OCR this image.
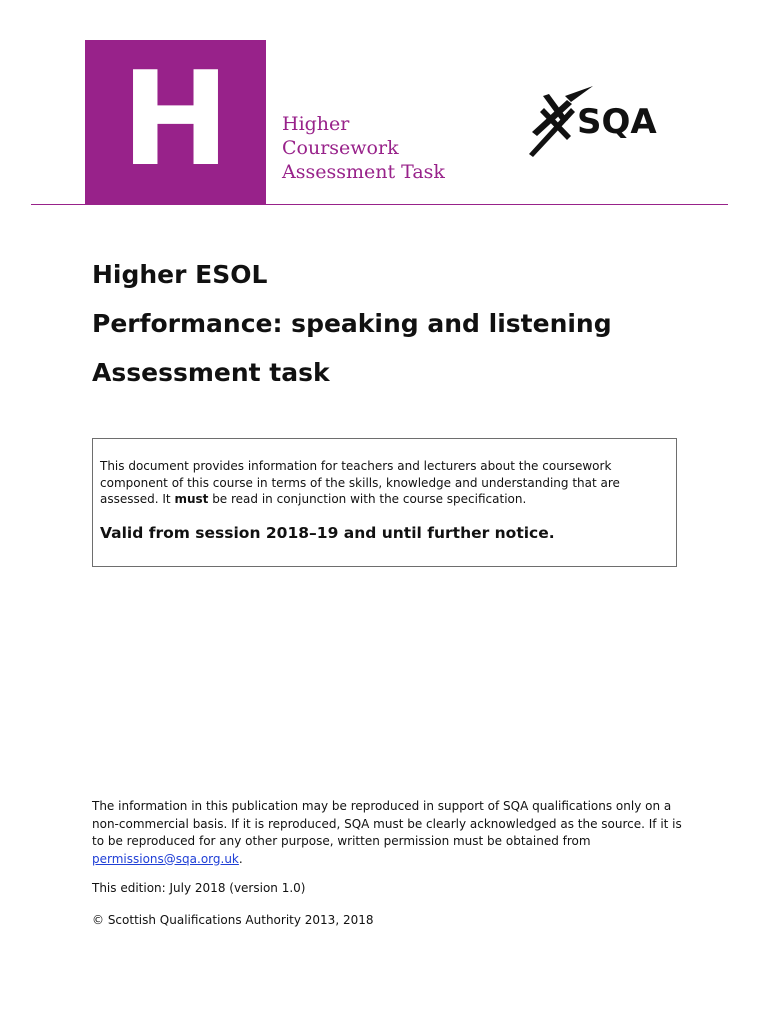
H	Higher
Coursework
Assessment Task
SQA
Higher ESOL
Performance: speaking and listening
Assessment task
This document provides information for teachers and lecturers about the coursework component of this course in terms of the skills, knowledge and understanding that are assessed. It must be read in conjunction with the course specification.
Valid from session 2018–19 and until further notice.

The information in this publication may be reproduced in support of SQA qualifications only on a non-commercial basis. If it is reproduced, SQA must be clearly acknowledged as the source. If it is to be reproduced for any other purpose, written permission must be obtained from permissions@sqa.org.uk.

This edition: July 2018 (version 1.0)

© Scottish Qualifications Authority 2013, 2018
